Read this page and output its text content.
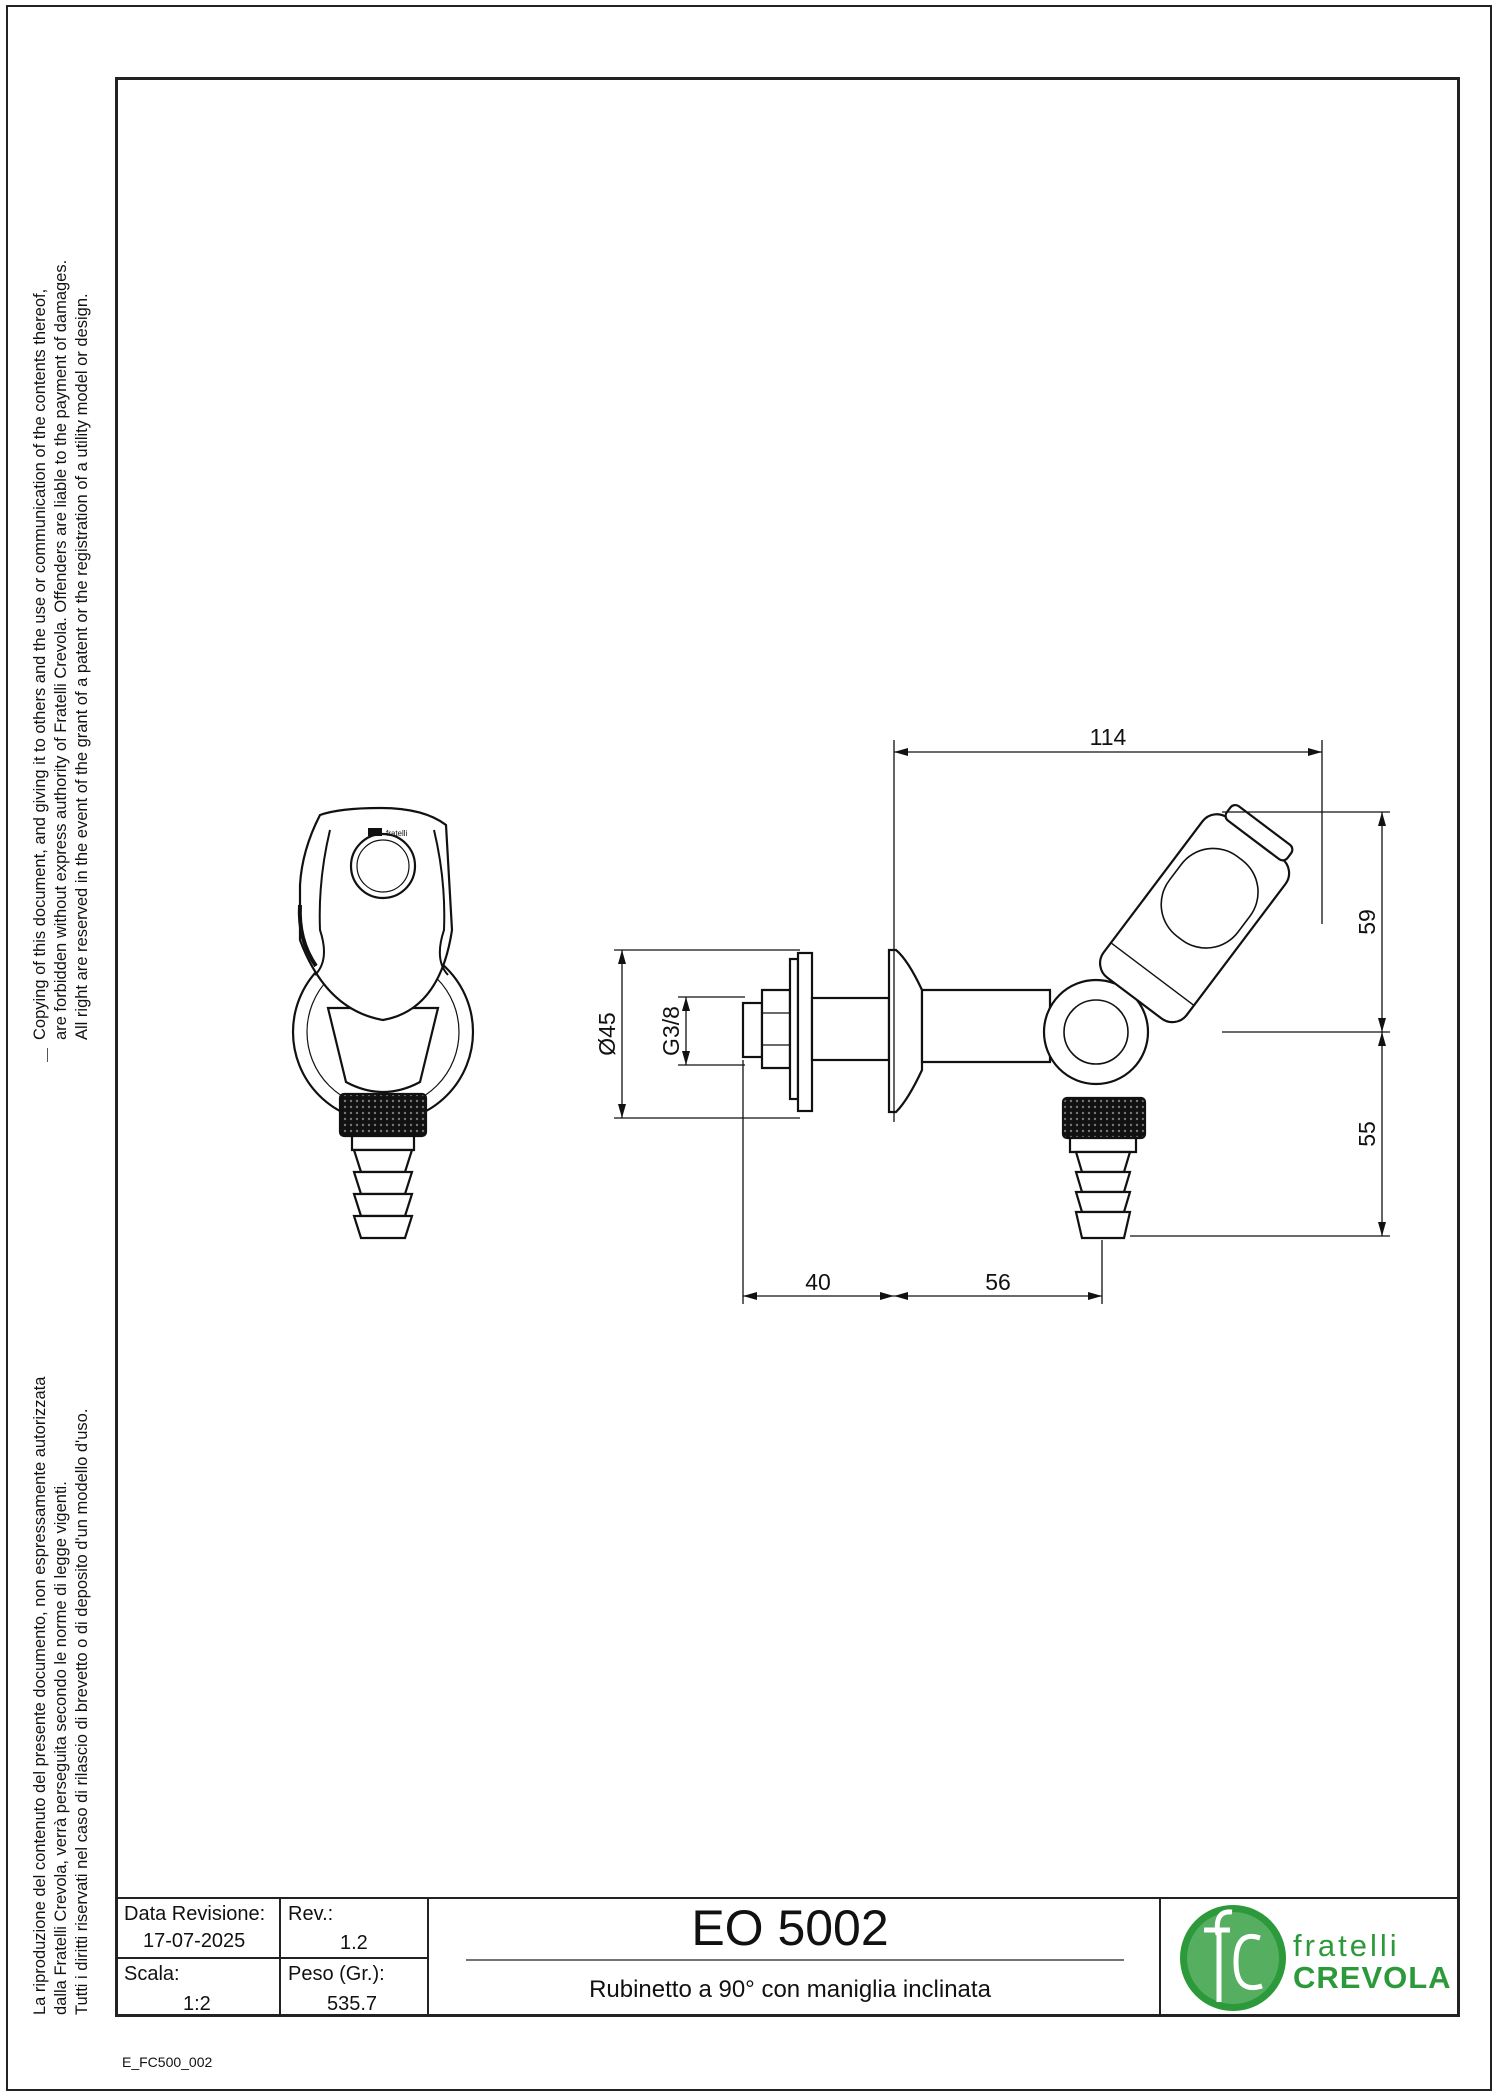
Copying of this document, and giving it to others and the use or communication of the contents thereof, are forbidden without express authority of Fratelli Crevola. Offenders are liable to the payment of damages. All right are reserved in the event of the grant of a patent or the registration of a utility model or design.
La riproduzione del contenuto del presente documento, non espressamente autorizzata dalla Fratelli Crevola, verrà perseguita secondo le norme di legge vigenti. Tutti i diritti riservati nel caso di rilascio di brevetto o di deposito d'un modello d'uso.
fratelli
114
59
55
Ø45 G3/8
40	56
Data Revisione:
17-07-2025
Rev.:
1.2
Scala:
1:2
Peso (Gr.):
535.7
EO 5002
Rubinetto a 90° con maniglia inclinata
fratelli
CREVOLA
E_FC500_002
